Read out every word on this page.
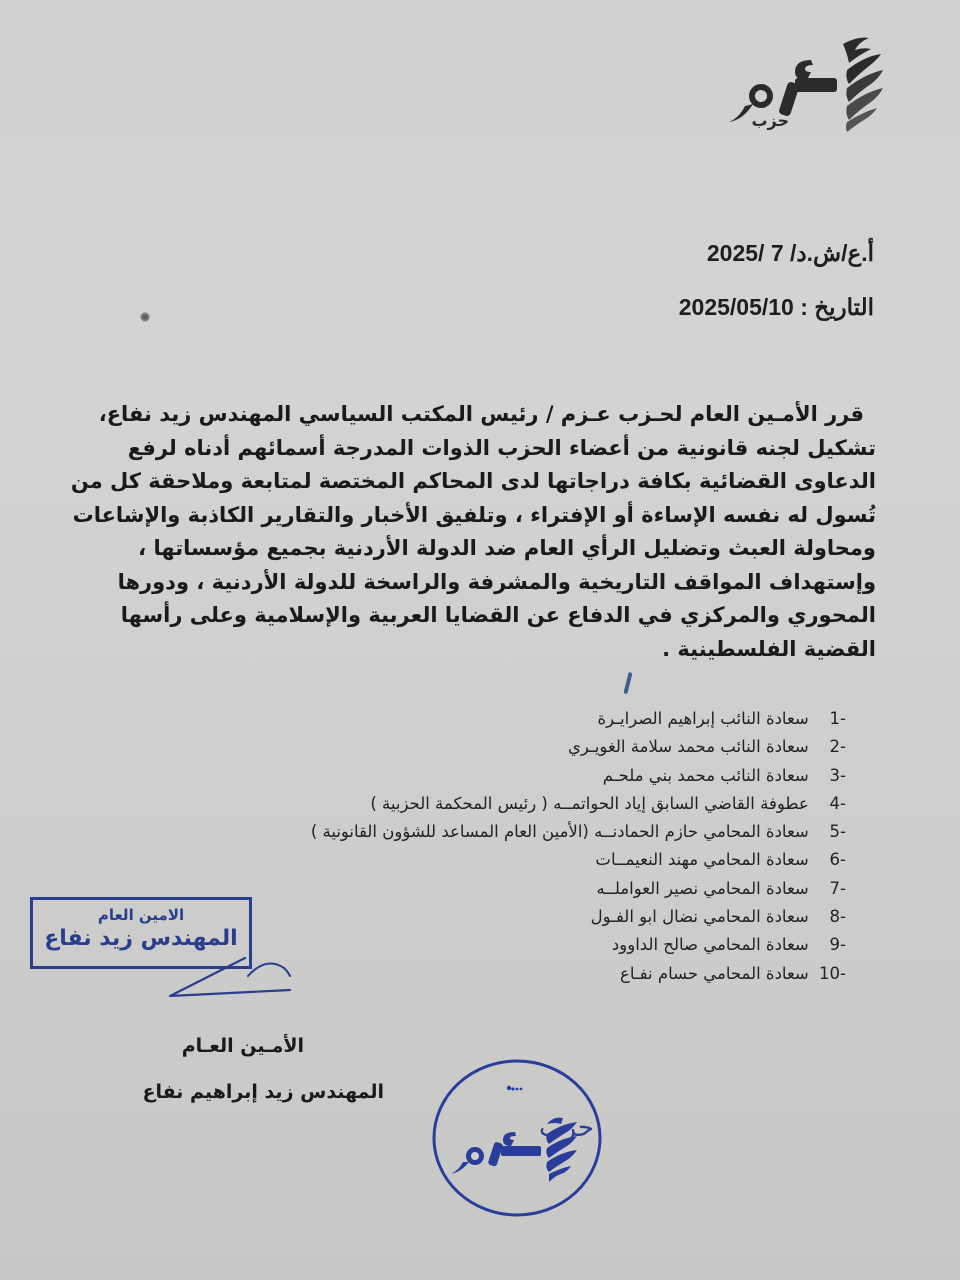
حزب
أ.ع/ش.د/ 7 /2025
التاريخ : 2025/05/10
قرر الأمـين العام لحـزب عـزم / رئيس المكتب السياسي المهندس زيد نفاع،
تشكيل لجنه قانونية من أعضاء الحزب الذوات المدرجة أسمائهم أدناه لرفع
الدعاوى القضائية بكافة دراجاتها لدى المحاكم المختصة لمتابعة وملاحقة كل من
تُسول له نفسه الإساءة أو الإفتراء ، وتلفيق الأخبار والتقارير الكاذبة والإشاعات
ومحاولة العبث وتضليل الرأي العام ضد الدولة الأردنية بجميع مؤسساتها ،
وإستهداف المواقف التاريخية والمشرفة والراسخة للدولة الأردنية ، ودورها
المحوري والمركزي في الدفاع عن القضايا العربية والإسلامية وعلى رأسها
القضية الفلسطينية .
-1 سعادة النائب إبراهيم الصرايـرة
-2 سعادة النائب محمد سلامة الغويـري
-3 سعادة النائب محمد بني ملحـم
-4 عطوفة القاضي السابق إياد الحواتمــه ( رئيس المحكمة الحزبية )
-5 سعادة المحامي حازم الحمادنــه (الأمين العام المساعد للشؤون القانونية )
-6 سعادة المحامي مهند النعيمــات
-7 سعادة المحامي نصير العواملــه
-8 سعادة المحامي نضال ابو الفـول
-9 سعادة المحامي صالح الداوود
-10 سعادة المحامي حسام نفـاع
الامين العام
المهندس زيد نفاع
الأمـين العـام
المهندس زيد إبراهيم نفاع
حزب
